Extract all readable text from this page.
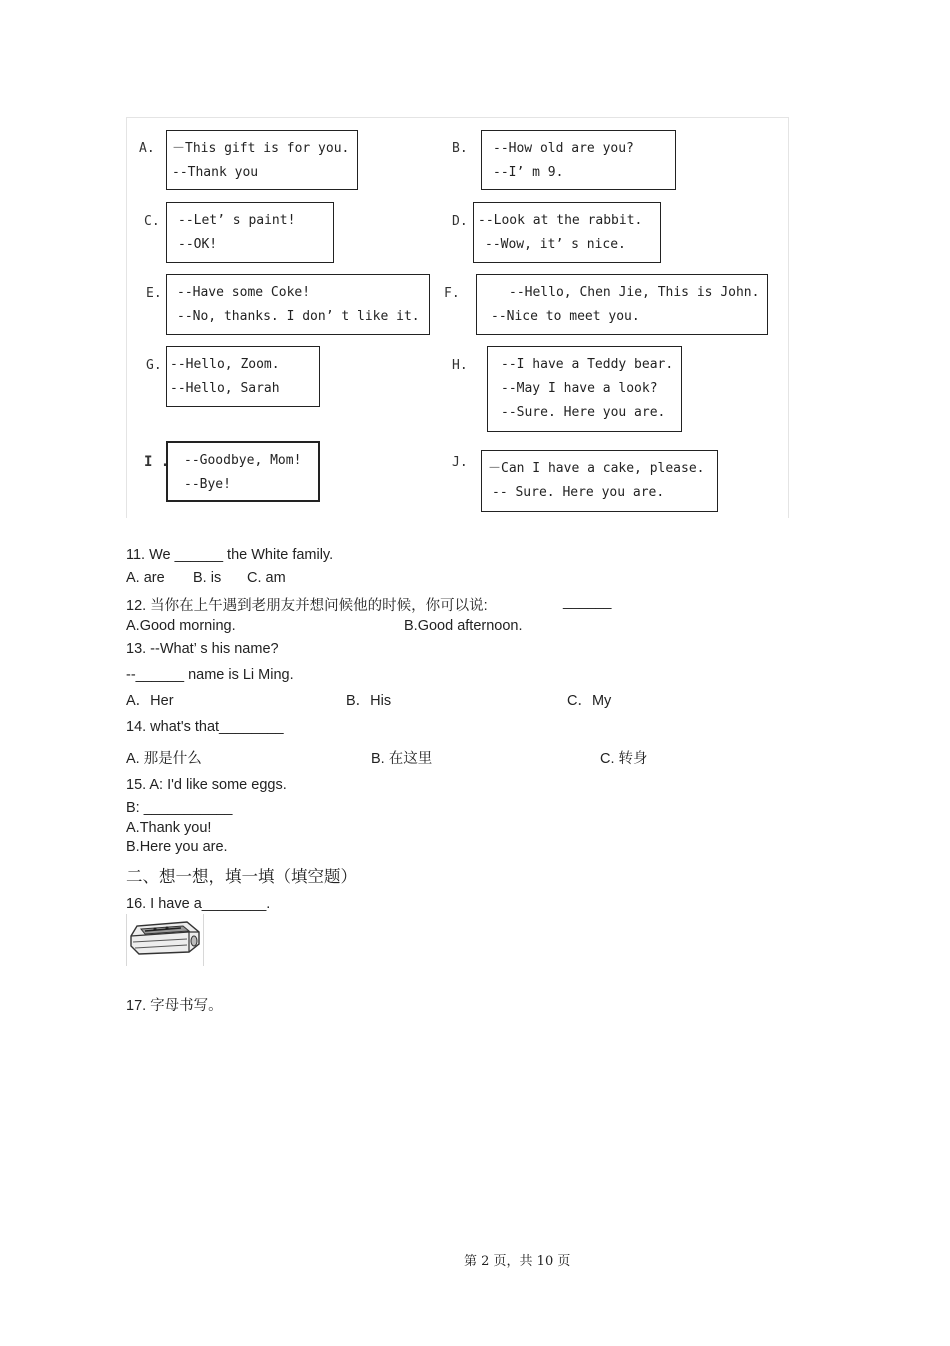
A. －This gift is for you.
--Thank you
B. --How old are you?
--I’ m 9.
C. --Let’ s paint!
--OK!
D. --Look at the rabbit.
--Wow, it’ s nice.
E. --Have some Coke!
--No, thanks. I don’ t like it.
F.	--Hello, Chen Jie, This is John.
--Nice to meet you.
G. --Hello, Zoom.
--Hello, Sarah
H.	--I have a Teddy bear.
--May I have a look?
--Sure. Here you are.
I . --Goodbye, Mom!
--Bye!
J. －Can I have a cake, please.
-- Sure. Here you are.
11. We ______ the White family.
A. are B. is C. am
12. 当你在上午遇到老朋友并想问候他的时候，你可以说:	______
A.Good morning.	B.Good afternoon.
13. --What’ s his name?
--______ name is Li Ming.
A．Her	B．His	C．My
14. what's that________
A. 那是什么	B. 在这里	C. 转身
15. A: I'd like some eggs.
B: ___________
A.Thank you!
B.Here you are.
二、想一想，填一填（填空题）
16. I have a________.
17. 字母书写。
第 2 页，共 10 页
